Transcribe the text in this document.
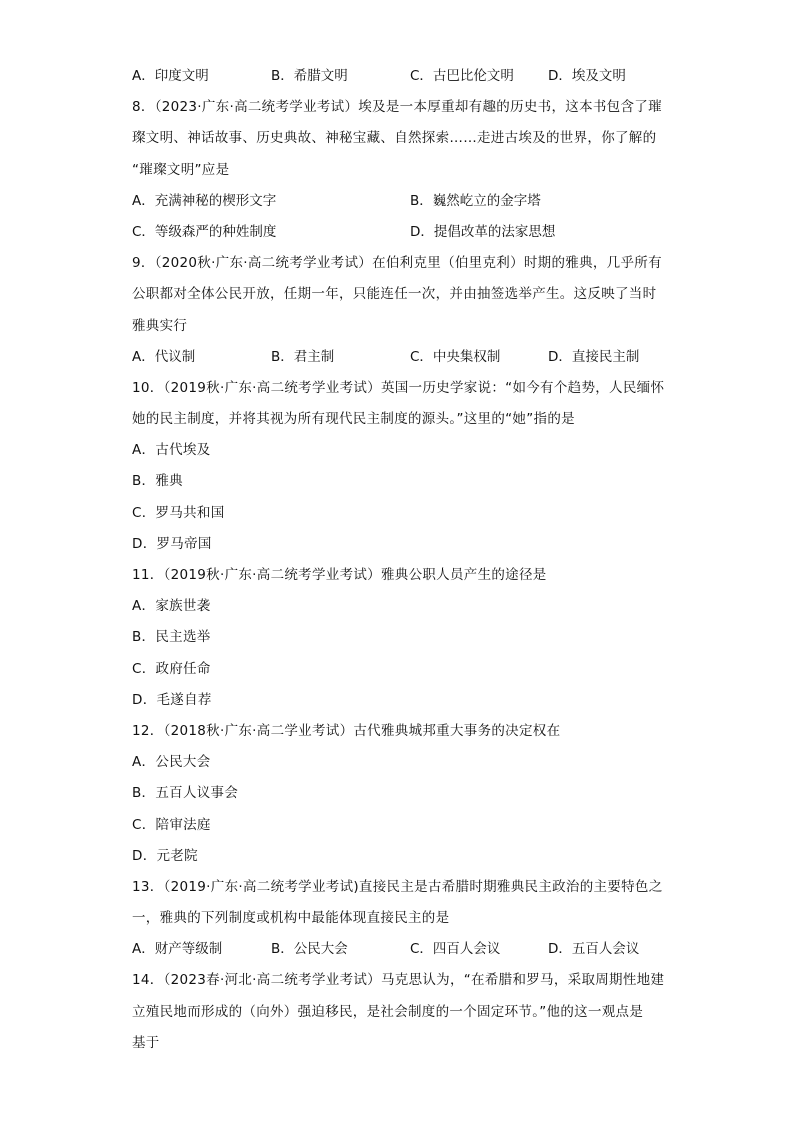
A．印度文明	B．希腊文明	C．古巴比伦文明	D．埃及文明
8．（2023·广东·高二统考学业考试）埃及是一本厚重却有趣的历史书，这本书包含了璀
璨文明、神话故事、历史典故、神秘宝藏、自然探索……走进古埃及的世界，你了解的
“璀璨文明”应是
A．充满神秘的楔形文字	B．巍然屹立的金字塔
C．等级森严的种姓制度	D．提倡改革的法家思想
9．（2020秋·广东·高二统考学业考试）在伯利克里（伯里克利）时期的雅典，几乎所有
公职都对全体公民开放，任期一年，只能连任一次，并由抽签选举产生。这反映了当时
雅典实行
A．代议制	B．君主制	C．中央集权制	D．直接民主制
10．（2019秋·广东·高二统考学业考试）英国一历史学家说：“如今有个趋势，人民缅怀
她的民主制度，并将其视为所有现代民主制度的源头。”这里的“她”指的是
A．古代埃及
B．雅典
C．罗马共和国
D．罗马帝国
11．（2019秋·广东·高二统考学业考试）雅典公职人员产生的途径是
A．家族世袭
B．民主选举
C．政府任命
D．毛遂自荐
12．（2018秋·广东·高二学业考试）古代雅典城邦重大事务的决定权在
A．公民大会
B．五百人议事会
C．陪审法庭
D．元老院
13．（2019·广东·高二统考学业考试)直接民主是古希腊时期雅典民主政治的主要特色之
一，雅典的下列制度或机构中最能体现直接民主的是
A．财产等级制	B．公民大会	C．四百人会议	D．五百人会议
14．（2023春·河北·高二统考学业考试）马克思认为，“在希腊和罗马，采取周期性地建
立殖民地而形成的（向外）强迫移民，是社会制度的一个固定环节。”他的这一观点是
基于
